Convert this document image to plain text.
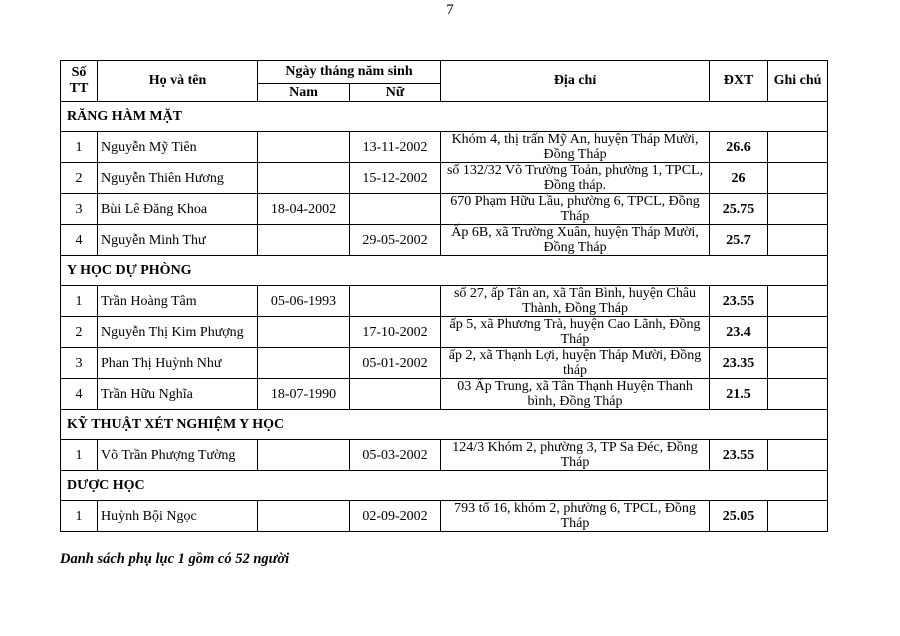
7
Số TT	Họ và tên	Ngày tháng năm sinh		Địa chỉ	ĐXT	Ghi chú
		Nam	Nữ			
RĂNG HÀM MẶT						
1	Nguyễn Mỹ Tiên		13-11-2002	Khóm 4, thị trấn Mỹ An, huyện Tháp Mười, Đồng Tháp	26.6	
2	Nguyễn Thiên Hương		15-12-2002	số 132/32 Võ Trường Toản, phường 1, TPCL, Đồng tháp.	26	
3	Bùi Lê Đăng Khoa	18-04-2002		670 Phạm Hữu Lầu, phường 6, TPCL, Đồng Tháp	25.75	
4	Nguyễn Minh Thư		29-05-2002	Ấp 6B, xã Trường Xuân, huyện Tháp Mười, Đồng Tháp	25.7	
Y HỌC DỰ PHÒNG						
1	Trần Hoàng Tâm	05-06-1993		số 27, ấp Tân an, xã Tân Bình, huyện Châu Thành, Đồng Tháp	23.55	
2	Nguyễn Thị Kim Phượng		17-10-2002	ấp 5, xã Phương Trà, huyện Cao Lãnh, Đồng Tháp	23.4	
3	Phan Thị Huỳnh Như		05-01-2002	ấp 2, xã Thạnh Lợi, huyện Tháp Mười, Đồng tháp	23.35	
4	Trần Hữu Nghĩa	18-07-1990		03 Ấp Trung, xã Tân Thạnh Huyện Thanh bình, Đồng Tháp	21.5	
KỸ THUẬT XÉT NGHIỆM Y HỌC						
1	Võ Trần Phượng Tường		05-03-2002	124/3 Khóm 2, phường 3, TP Sa Đéc, Đồng Tháp	23.55	
DƯỢC HỌC						
1	Huỳnh Bội Ngọc		02-09-2002	793 tổ 16, khóm 2, phường 6, TPCL, Đồng Tháp	25.05	
Danh sách phụ lục 1 gồm có 52 người
